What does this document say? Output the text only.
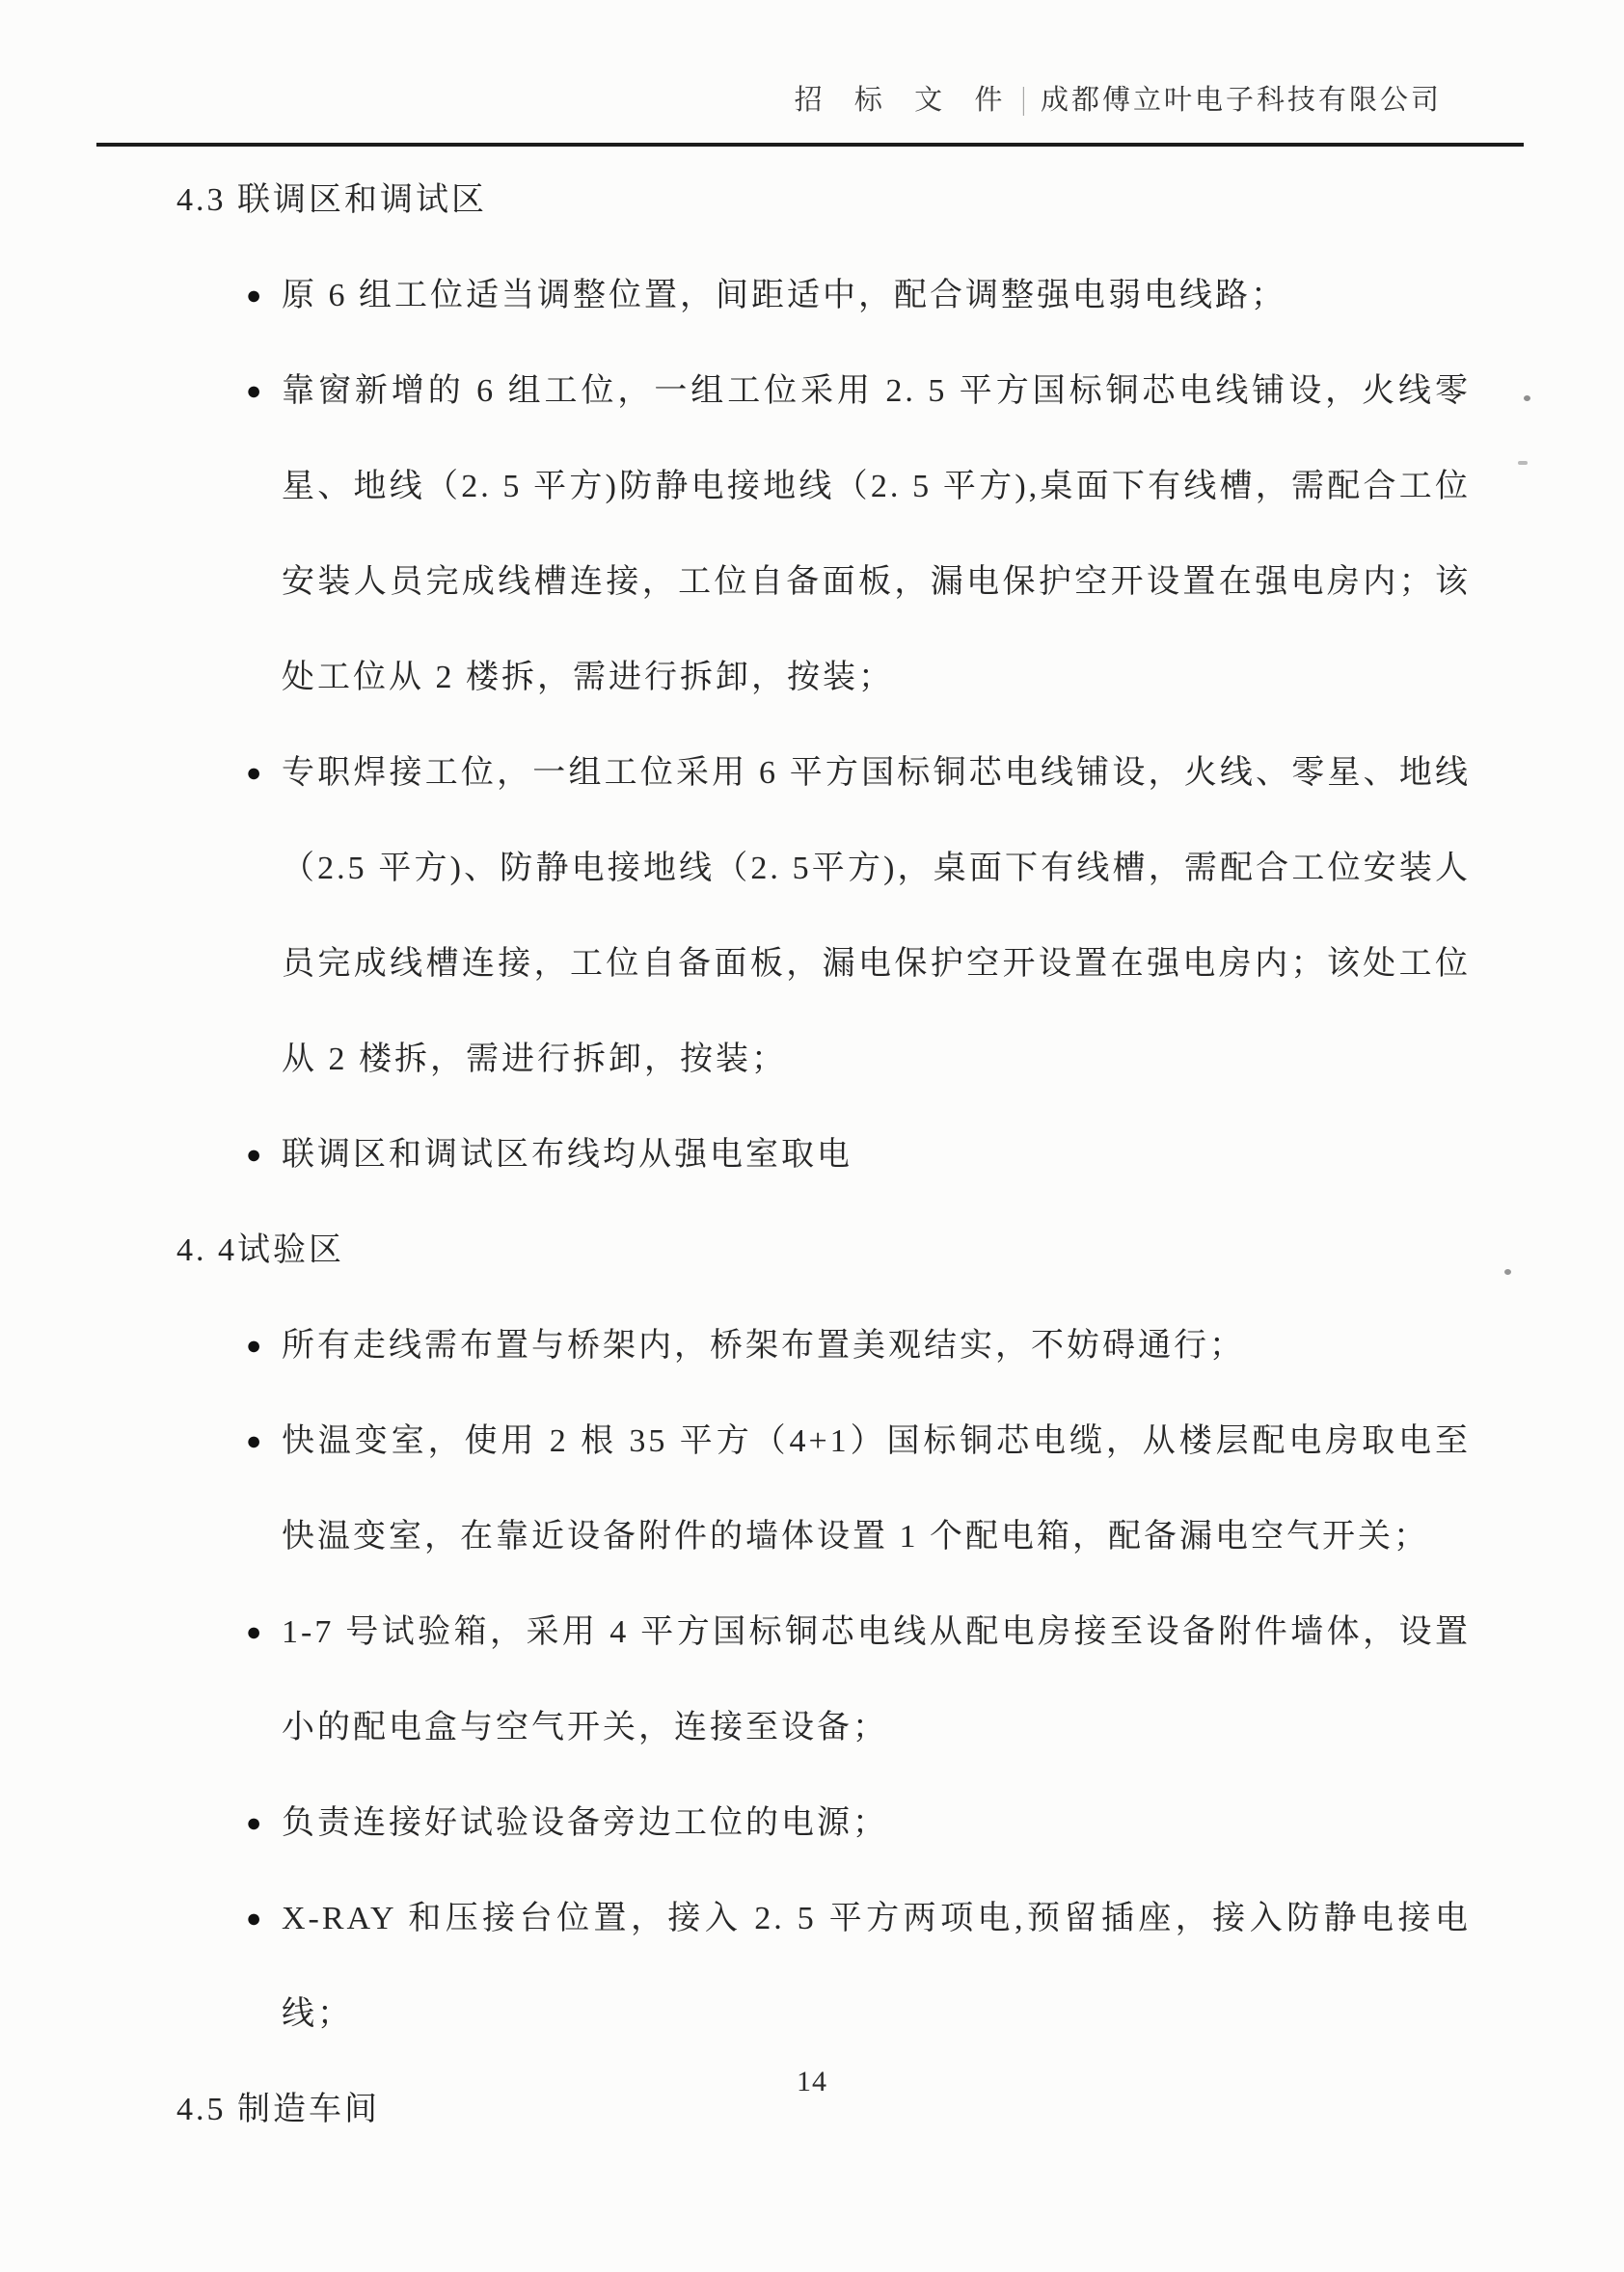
招 标 文 件 | 成都傅立叶电子科技有限公司
4.3 联调区和调试区
● 原 6 组工位适当调整位置，间距适中，配合调整强电弱电线路；
● 靠窗新增的 6 组工位，一组工位采用 2. 5 平方国标铜芯电线铺设，火线零星、地线（2. 5 平方)防静电接地线（2. 5 平方),桌面下有线槽，需配合工位安装人员完成线槽连接，工位自备面板，漏电保护空开设置在强电房内；该处工位从 2 楼拆，需进行拆卸，按装；
● 专职焊接工位，一组工位采用 6 平方国标铜芯电线铺设，火线、零星、地线（2.5 平方)、防静电接地线（2. 5平方)，桌面下有线槽，需配合工位安装人员完成线槽连接，工位自备面板，漏电保护空开设置在强电房内；该处工位从 2 楼拆，需进行拆卸，按装；
● 联调区和调试区布线均从强电室取电
4. 4试验区
● 所有走线需布置与桥架内，桥架布置美观结实，不妨碍通行；
● 快温变室，使用 2 根 35 平方（4+1）国标铜芯电缆，从楼层配电房取电至快温变室，在靠近设备附件的墙体设置 1 个配电箱，配备漏电空气开关；
● 1-7 号试验箱，采用 4 平方国标铜芯电线从配电房接至设备附件墙体，设置小的配电盒与空气开关，连接至设备；
● 负责连接好试验设备旁边工位的电源；
● X-RAY 和压接台位置，接入 2. 5 平方两项电,预留插座，接入防静电接电线；
4.5 制造车间
14
